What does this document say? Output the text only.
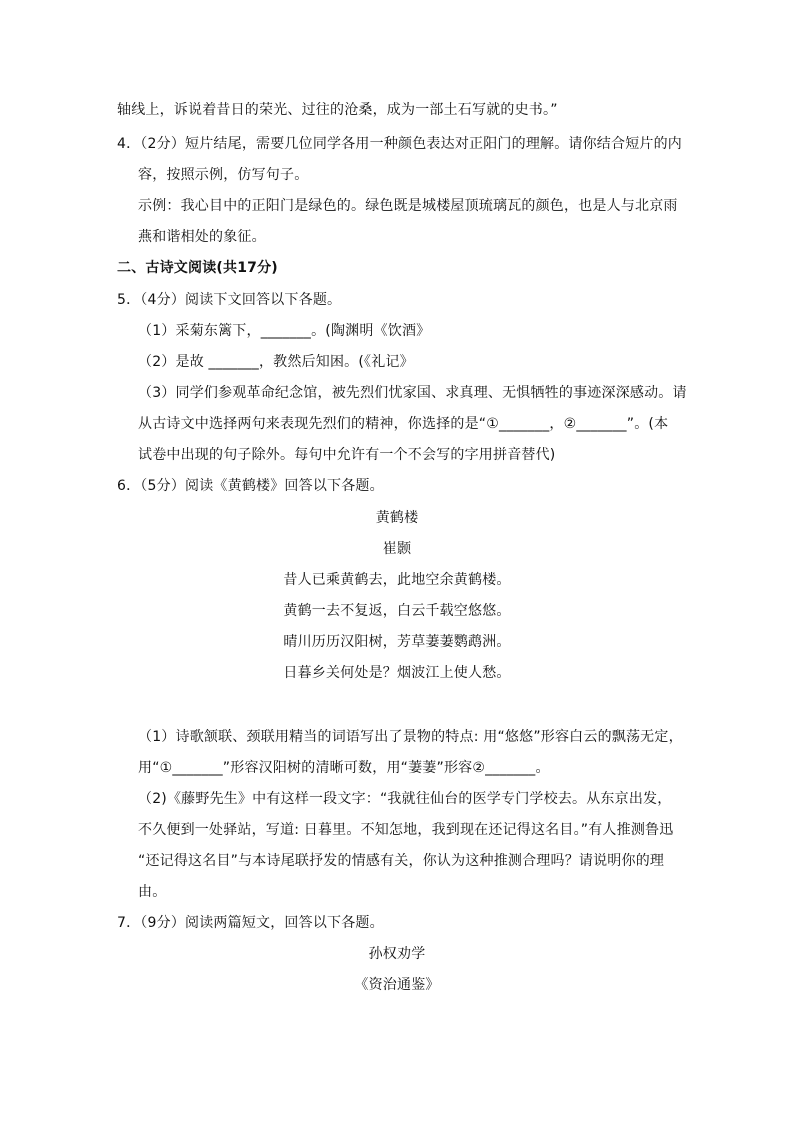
轴线上，诉说着昔日的荣光、过往的沧桑，成为一部土石写就的史书。”
4．（2分）短片结尾，需要几位同学各用一种颜色表达对正阳门的理解。请你结合短片的内
容，按照示例，仿写句子。
示例：我心目中的正阳门是绿色的。绿色既是城楼屋顶琉璃瓦的颜色，也是人与北京雨
燕和谐相处的象征。
二、古诗文阅读(共17分)
5．（4分）阅读下文回答以下各题。
（1）采菊东篱下，_______。(陶渊明《饮酒》
（2）是故 _______，教然后知困。(《礼记》
（3）同学们参观革命纪念馆，被先烈们忧家国、求真理、无惧牺牲的事迹深深感动。请
从古诗文中选择两句来表现先烈们的精神，你选择的是“①_______，②_______”。(本
试卷中出现的句子除外。每句中允许有一个不会写的字用拼音替代)
6．（5分）阅读《黄鹤楼》回答以下各题。
黄鹤楼
崔颢
昔人已乘黄鹤去，此地空余黄鹤楼。
黄鹤一去不复返，白云千载空悠悠。
晴川历历汉阳树，芳草萋萋鹦鹉洲。
日暮乡关何处是？烟波江上使人愁。
（1）诗歌颔联、颈联用精当的词语写出了景物的特点: 用“悠悠”形容白云的飘荡无定，
用“①_______”形容汉阳树的清晰可数，用“萋萋”形容②_______。
（2)《藤野先生》中有这样一段文字：“我就往仙台的医学专门学校去。从东京出发，
不久便到一处驿站，写道: 日暮里。不知怎地，我到现在还记得这名目。”有人推测鲁迅
“还记得这名目”与本诗尾联抒发的情感有关，你认为这种推测合理吗？请说明你的理
由。
7．（9分）阅读两篇短文，回答以下各题。
孙权劝学
《资治通鉴》
